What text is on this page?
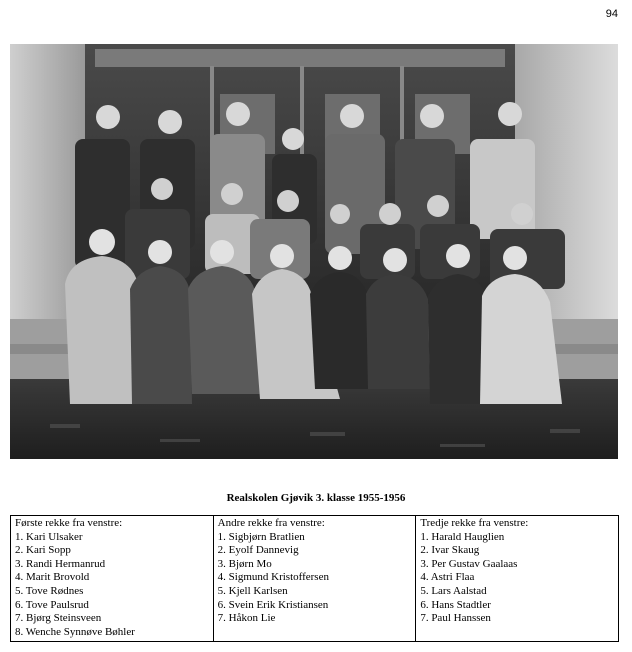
94
Realskolen Gjøvik 3. klasse 1955-1956
Første rekke fra venstre:
1. Kari Ulsaker
2. Kari Sopp
3. Randi Hermanrud
4. Marit Brovold
5. Tove Rødnes
6. Tove Paulsrud
7. Bjørg Steinsveen
8. Wenche Synnøve Bøhler

Andre rekke fra venstre:
1. Sigbjørn Bratlien
2. Eyolf Dannevig
3. Bjørn Mo
4. Sigmund Kristoffersen
5. Kjell Karlsen
6. Svein Erik Kristiansen
7. Håkon Lie

Tredje rekke fra venstre:
1. Harald Hauglien
2. Ivar Skaug
3. Per Gustav Gaalaas
4. Astri Flaa
5. Lars Aalstad
6. Hans Stadtler
7. Paul Hanssen
